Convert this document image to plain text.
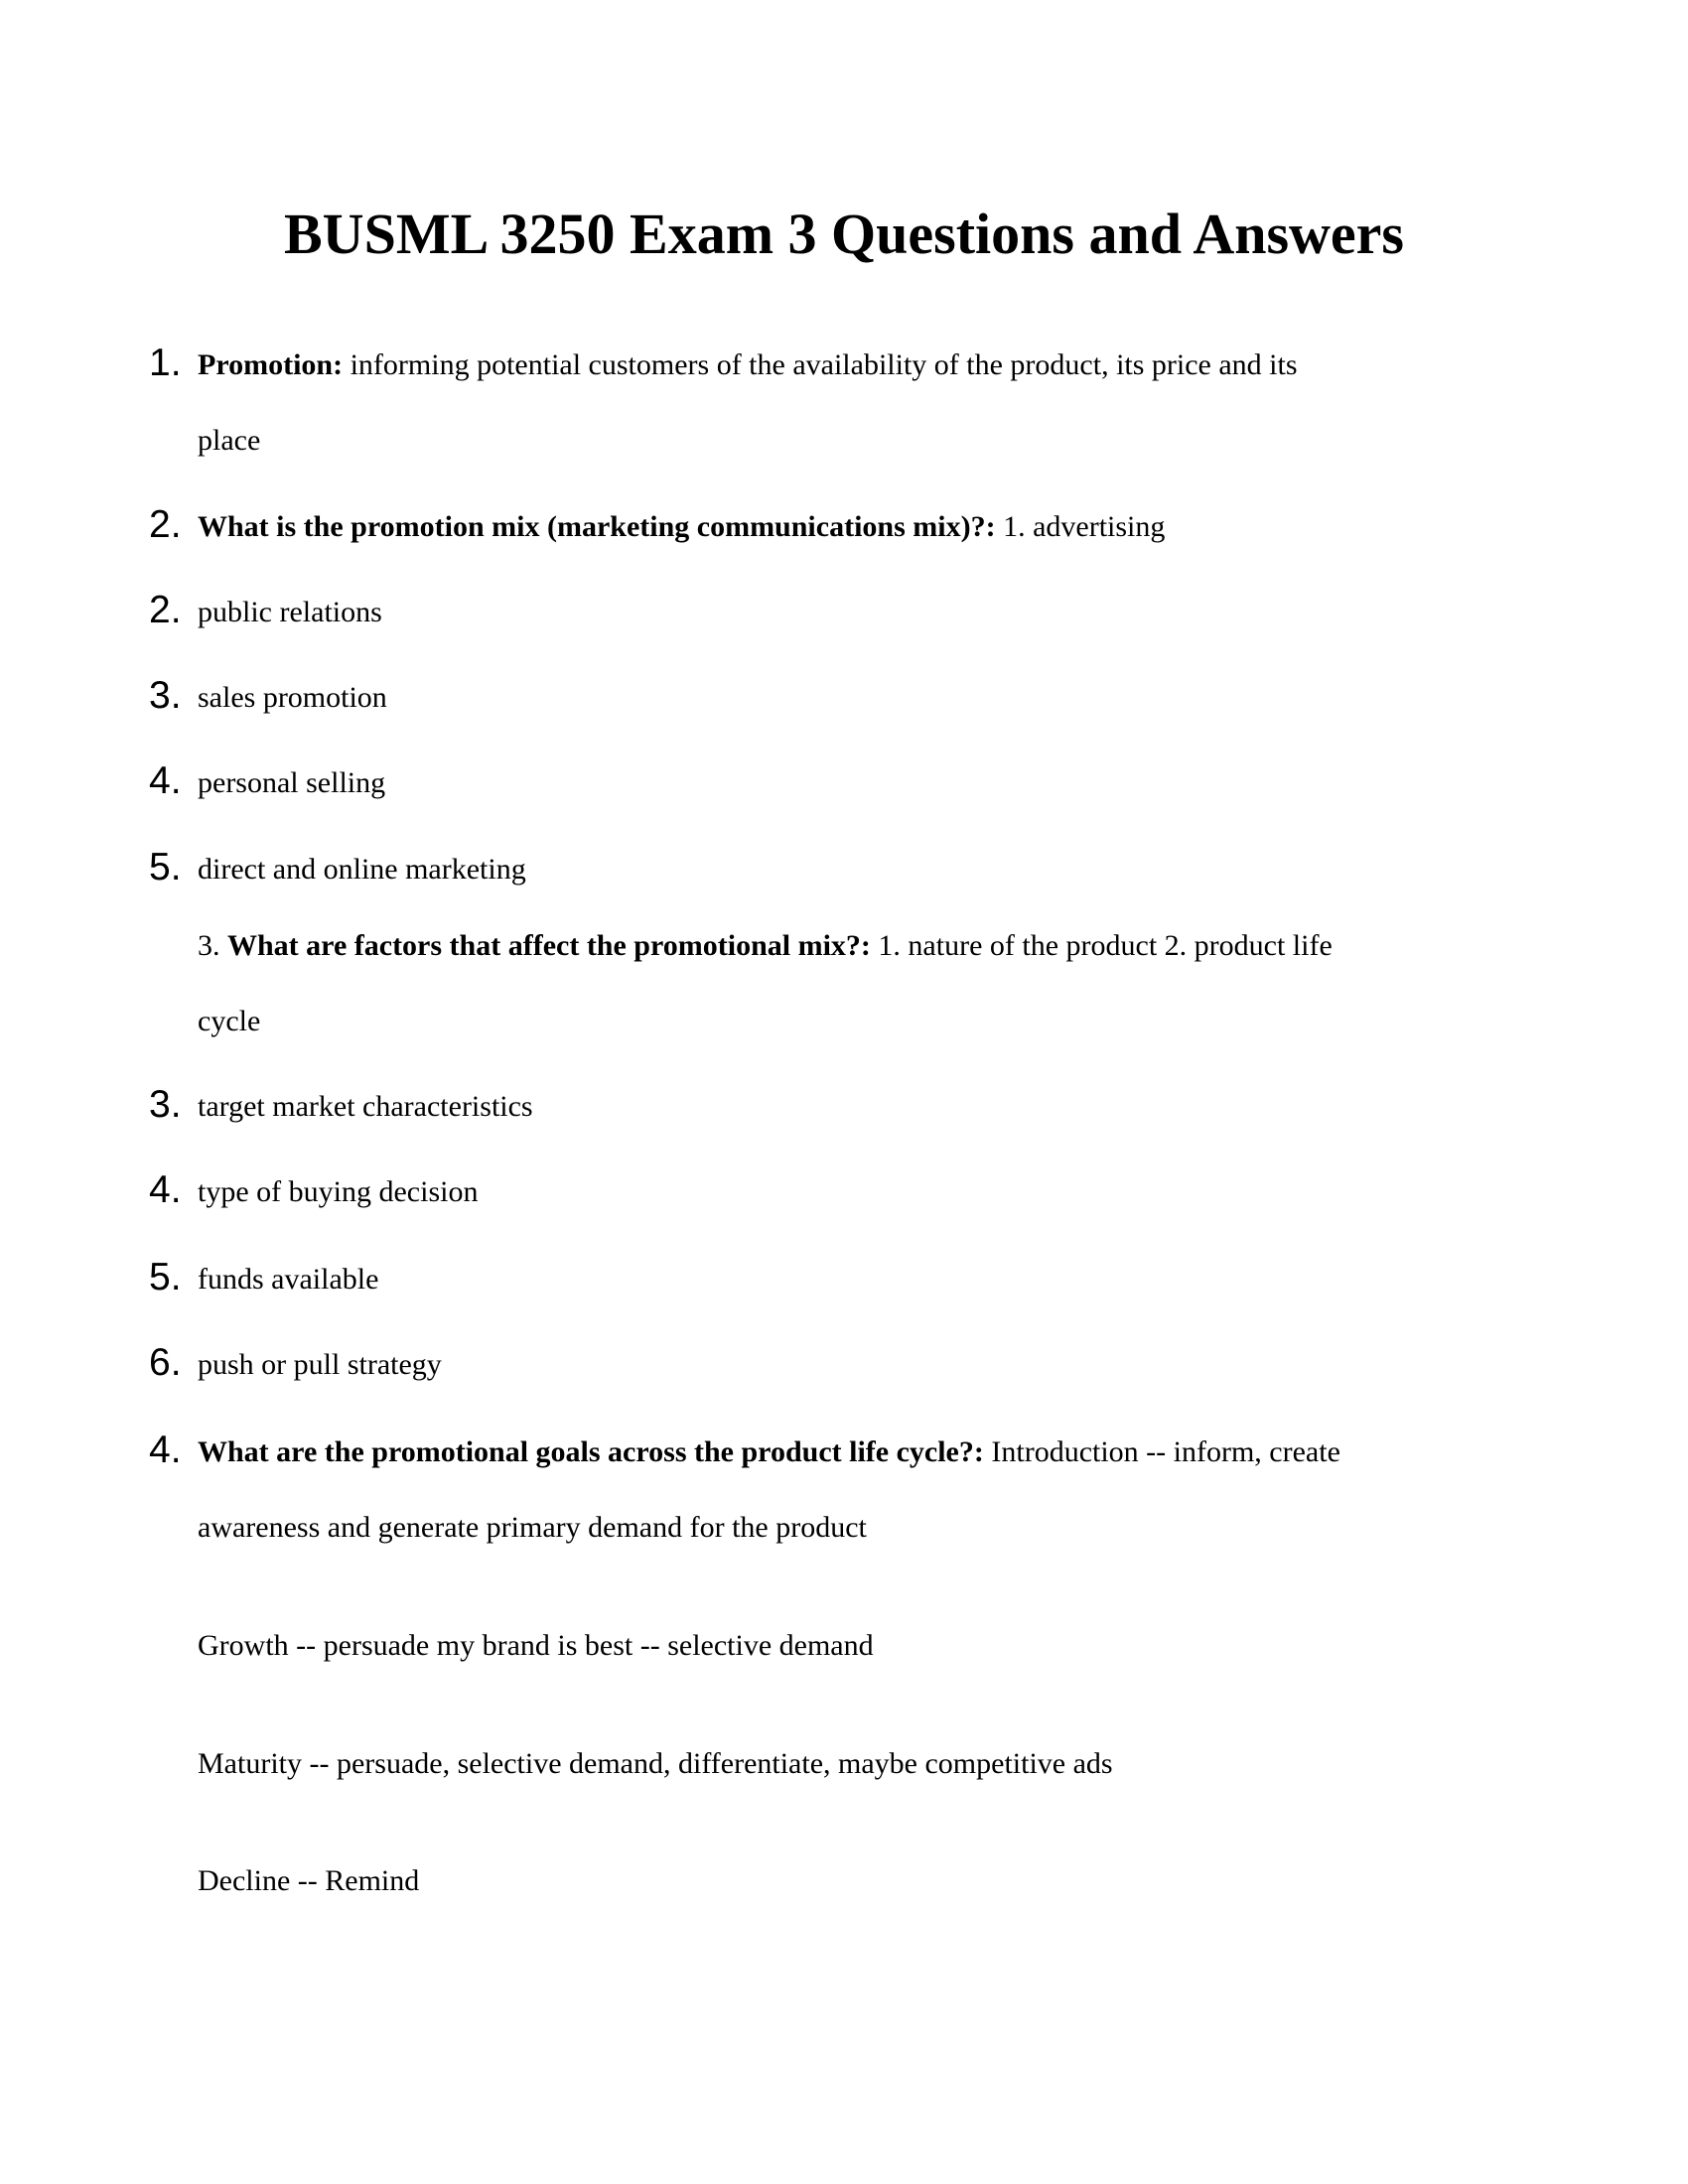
BUSML 3250 Exam 3 Questions and Answers
1. Promotion: informing potential customers of the availability of the product, its price and its
place
2. What is the promotion mix (marketing communications mix)?: 1. advertising
2. public relations
3. sales promotion
4. personal selling
5. direct and online marketing
3. What are factors that affect the promotional mix?: 1. nature of the product 2. product life
cycle
3. target market characteristics
4. type of buying decision
5. funds available
6. push or pull strategy
4. What are the promotional goals across the product life cycle?: Introduction -- inform, create
awareness and generate primary demand for the product
Growth -- persuade my brand is best -- selective demand
Maturity -- persuade, selective demand, differentiate, maybe competitive ads
Decline -- Remind
